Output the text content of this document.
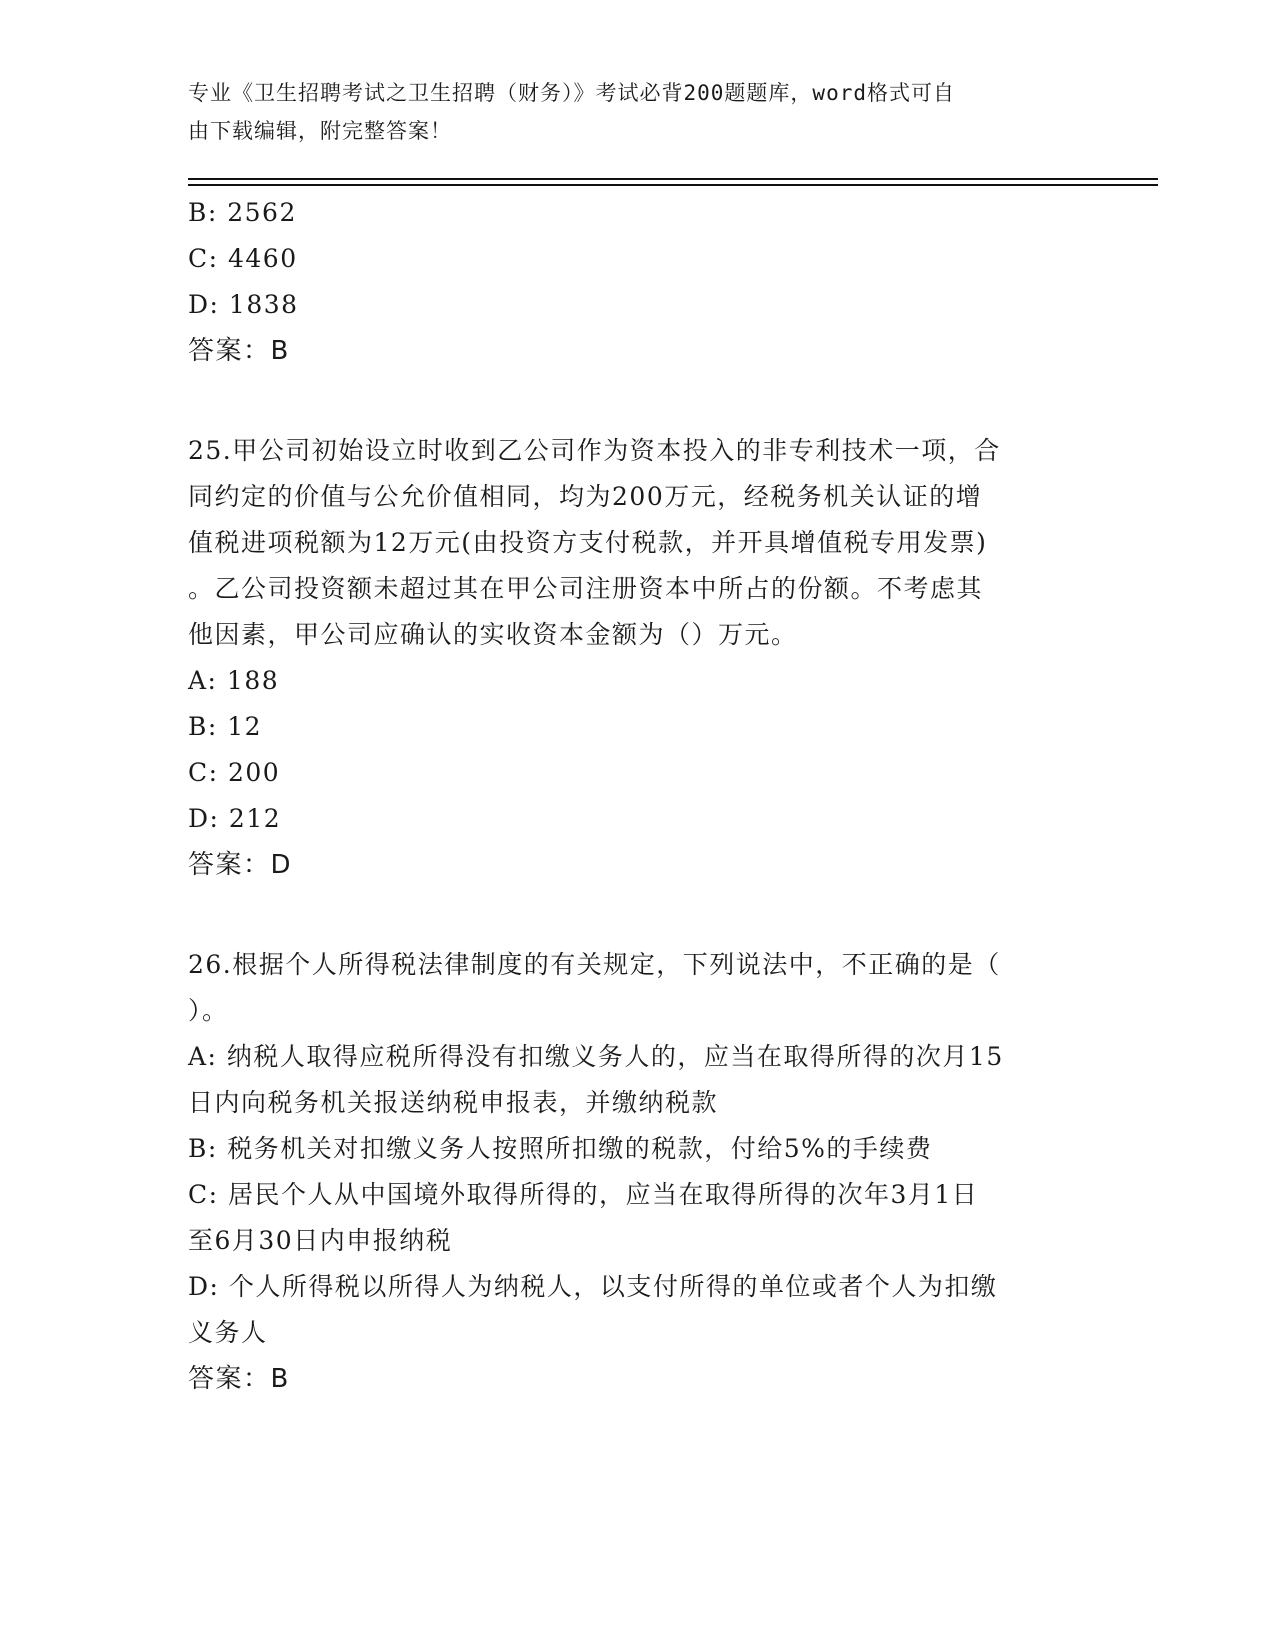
专业《卫生招聘考试之卫生招聘（财务）》考试必背200题题库，word格式可自
由下载编辑，附完整答案！
B: 2562
C: 4460
D: 1838
答案：B
25.甲公司初始设立时收到乙公司作为资本投入的非专利技术一项，合
同约定的价值与公允价值相同，均为200万元，经税务机关认证的增
值税进项税额为12万元(由投资方支付税款，并开具增值税专用发票)
。乙公司投资额未超过其在甲公司注册资本中所占的份额。不考虑其
他因素，甲公司应确认的实收资本金额为（）万元。
A: 188
B: 12
C: 200
D: 212
答案：D
26.根据个人所得税法律制度的有关规定，下列说法中，不正确的是（
）。
A: 纳税人取得应税所得没有扣缴义务人的，应当在取得所得的次月15
日内向税务机关报送纳税申报表，并缴纳税款
B: 税务机关对扣缴义务人按照所扣缴的税款，付给5%的手续费
C: 居民个人从中国境外取得所得的，应当在取得所得的次年3月1日
至6月30日内申报纳税
D: 个人所得税以所得人为纳税人，以支付所得的单位或者个人为扣缴
义务人
答案：B
